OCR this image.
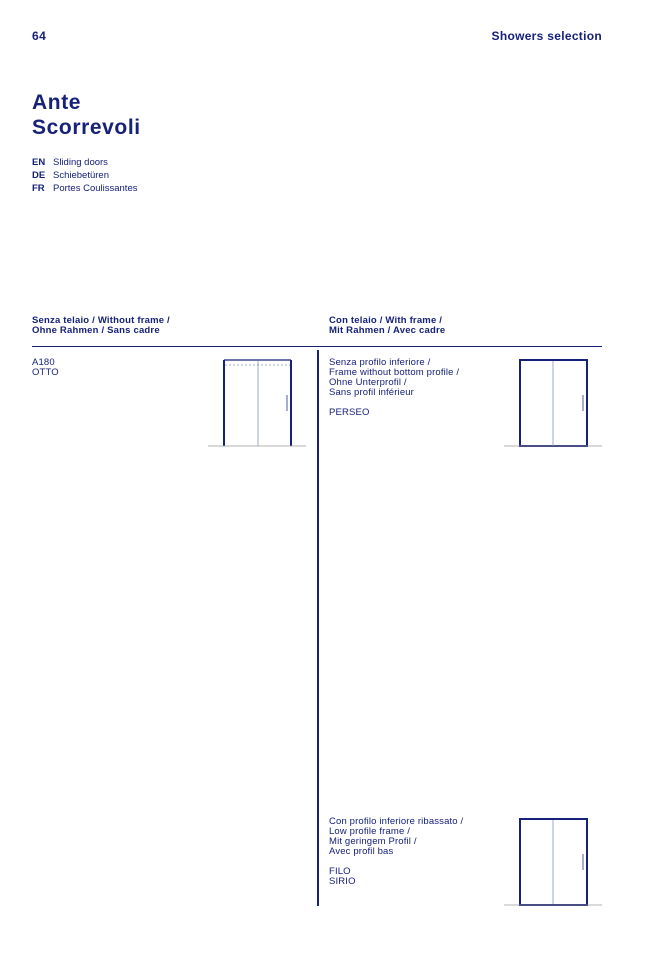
64	Showers selection
Ante
Scorrevoli
EN Sliding doors
DE Schiebetüren
FR Portes Coulissantes
Senza telaio / Without frame /
Ohne Rahmen / Sans cadre
Con telaio / With frame /
Mit Rahmen / Avec cadre
A180
OTTO
Senza profilo inferiore /
Frame without bottom profile /
Ohne Unterprofil /
Sans profil inférieur
PERSEO
Con profilo inferiore ribassato /
Low profile frame /
Mit geringem Profil /
Avec profil bas
FILO
SIRIO
